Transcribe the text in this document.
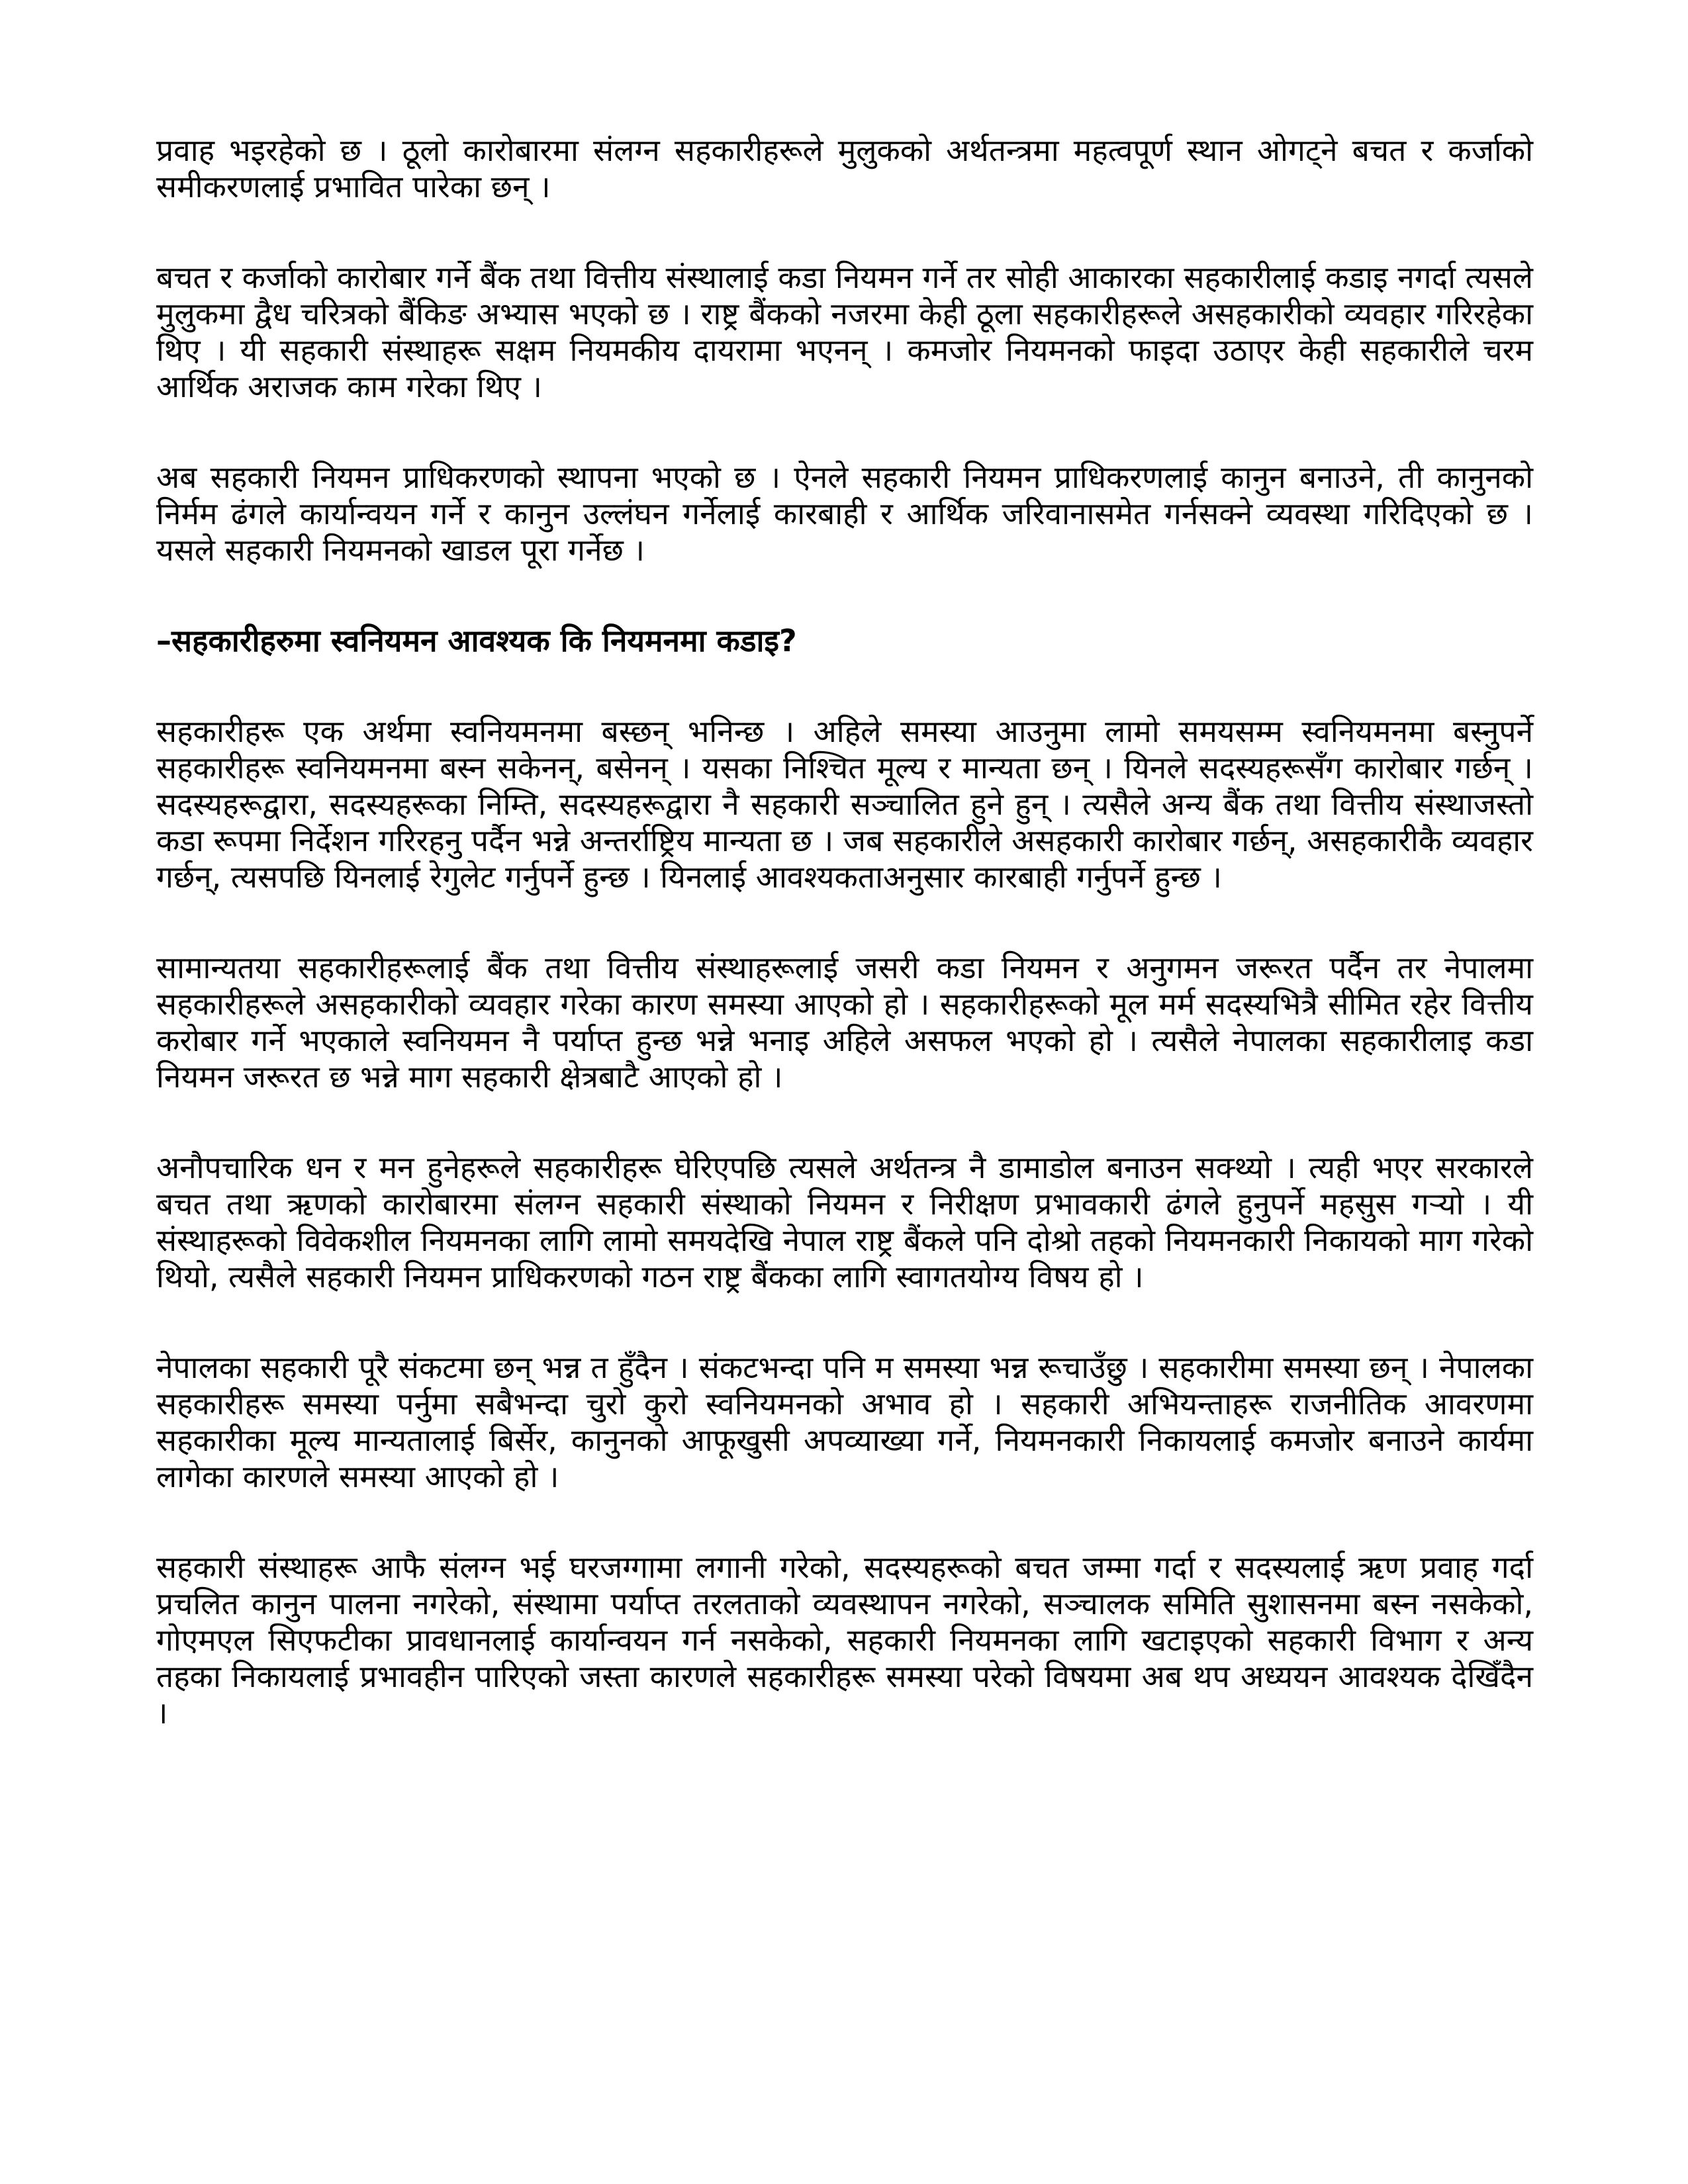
प्रवाह भइरहेको छ । ठूलो कारोबारमा संलग्न सहकारीहरूले मुलुकको अर्थतन्त्रमा महत्वपूर्ण स्थान ओगट्ने बचत र कर्जाको समीकरणलाई प्रभावित पारेका छन् ।

बचत र कर्जाको कारोबार गर्ने बैंक तथा वित्तीय संस्थालाई कडा नियमन गर्ने तर सोही आकारका सहकारीलाई कडाइ नगर्दा त्यसले मुलुकमा द्वैध चरित्रको बैंकिङ अभ्यास भएको छ । राष्ट्र बैंकको नजरमा केही ठूला सहकारीहरूले असहकारीको व्यवहार गरिरहेका थिए । यी सहकारी संस्थाहरू सक्षम नियमकीय दायरामा भएनन् । कमजोर नियमनको फाइदा उठाएर केही सहकारीले चरम आर्थिक अराजक काम गरेका थिए ।

अब सहकारी नियमन प्राधिकरणको स्थापना भएको छ । ऐनले सहकारी नियमन प्राधिकरणलाई कानुन बनाउने, ती कानुनको निर्मम ढंगले कार्यान्वयन गर्ने र कानुन उल्लंघन गर्नेलाई कारबाही र आर्थिक जरिवानासमेत गर्नसक्ने व्यवस्था गरिदिएको छ । यसले सहकारी नियमनको खाडल पूरा गर्नेछ ।

–सहकारीहरुमा स्वनियमन आवश्यक कि नियमनमा कडाइ?

सहकारीहरू एक अर्थमा स्वनियमनमा बस्छन् भनिन्छ । अहिले समस्या आउनुमा लामो समयसम्म स्वनियमनमा बस्नुपर्ने सहकारीहरू स्वनियमनमा बस्न सकेनन्, बसेनन् । यसका निश्चित मूल्य र मान्यता छन् । यिनले सदस्यहरूसँग कारोबार गर्छन् । सदस्यहरूद्वारा, सदस्यहरूका निम्ति, सदस्यहरूद्वारा नै सहकारी सञ्चालित हुने हुन् । त्यसैले अन्य बैंक तथा वित्तीय संस्थाजस्तो कडा रूपमा निर्देशन गरिरहनु पर्दैन भन्ने अन्तर्राष्ट्रिय मान्यता छ । जब सहकारीले असहकारी कारोबार गर्छन्, असहकारीकै व्यवहार गर्छन्, त्यसपछि यिनलाई रेगुलेट गर्नुपर्ने हुन्छ । यिनलाई आवश्यकताअनुसार कारबाही गर्नुपर्ने हुन्छ ।

सामान्यतया सहकारीहरूलाई बैंक तथा वित्तीय संस्थाहरूलाई जसरी कडा नियमन र अनुगमन जरूरत पर्दैन तर नेपालमा सहकारीहरूले असहकारीको व्यवहार गरेका कारण समस्या आएको हो । सहकारीहरूको मूल मर्म सदस्यभित्रै सीमित रहेर वित्तीय करोबार गर्ने भएकाले स्वनियमन नै पर्याप्त हुन्छ भन्ने भनाइ अहिले असफल भएको हो । त्यसैले नेपालका सहकारीलाइ कडा नियमन जरूरत छ भन्ने माग सहकारी क्षेत्रबाटै आएको हो ।

अनौपचारिक धन र मन हुनेहरूले सहकारीहरू घेरिएपछि त्यसले अर्थतन्त्र नै डामाडोल बनाउन सक्थ्यो । त्यही भएर सरकारले बचत तथा ऋणको कारोबारमा संलग्न सहकारी संस्थाको नियमन र निरीक्षण प्रभावकारी ढंगले हुनुपर्ने महसुस गर्‍यो । यी संस्थाहरूको विवेकशील नियमनका लागि लामो समयदेखि नेपाल राष्ट्र बैंकले पनि दोश्रो तहको नियमनकारी निकायको माग गरेको थियो, त्यसैले सहकारी नियमन प्राधिकरणको गठन राष्ट्र बैंकका लागि स्वागतयोग्य विषय हो ।

नेपालका सहकारी पूरै संकटमा छन् भन्न त हुँदैन । संकटभन्दा पनि म समस्या भन्न रूचाउँछु । सहकारीमा समस्या छन् । नेपालका सहकारीहरू समस्या पर्नुमा सबैभन्दा चुरो कुरो स्वनियमनको अभाव हो । सहकारी अभियन्ताहरू राजनीतिक आवरणमा सहकारीका मूल्य मान्यतालाई बिर्सेर, कानुनको आफूखुसी अपव्याख्या गर्ने, नियमनकारी निकायलाई कमजोर बनाउने कार्यमा लागेका कारणले समस्या आएको हो ।

सहकारी संस्थाहरू आफै संलग्न भई घरजग्गामा लगानी गरेको, सदस्यहरूको बचत जम्मा गर्दा र सदस्यलाई ऋण प्रवाह गर्दा प्रचलित कानुन पालना नगरेको, संस्थामा पर्याप्त तरलताको व्यवस्थापन नगरेको, सञ्चालक समिति सुशासनमा बस्न नसकेको, गोएमएल सिएफटीका प्रावधानलाई कार्यान्वयन गर्न नसकेको, सहकारी नियमनका लागि खटाइएको सहकारी विभाग र अन्य तहका निकायलाई प्रभावहीन पारिएको जस्ता कारणले सहकारीहरू समस्या परेको विषयमा अब थप अध्ययन आवश्यक देखिँदैन ।
